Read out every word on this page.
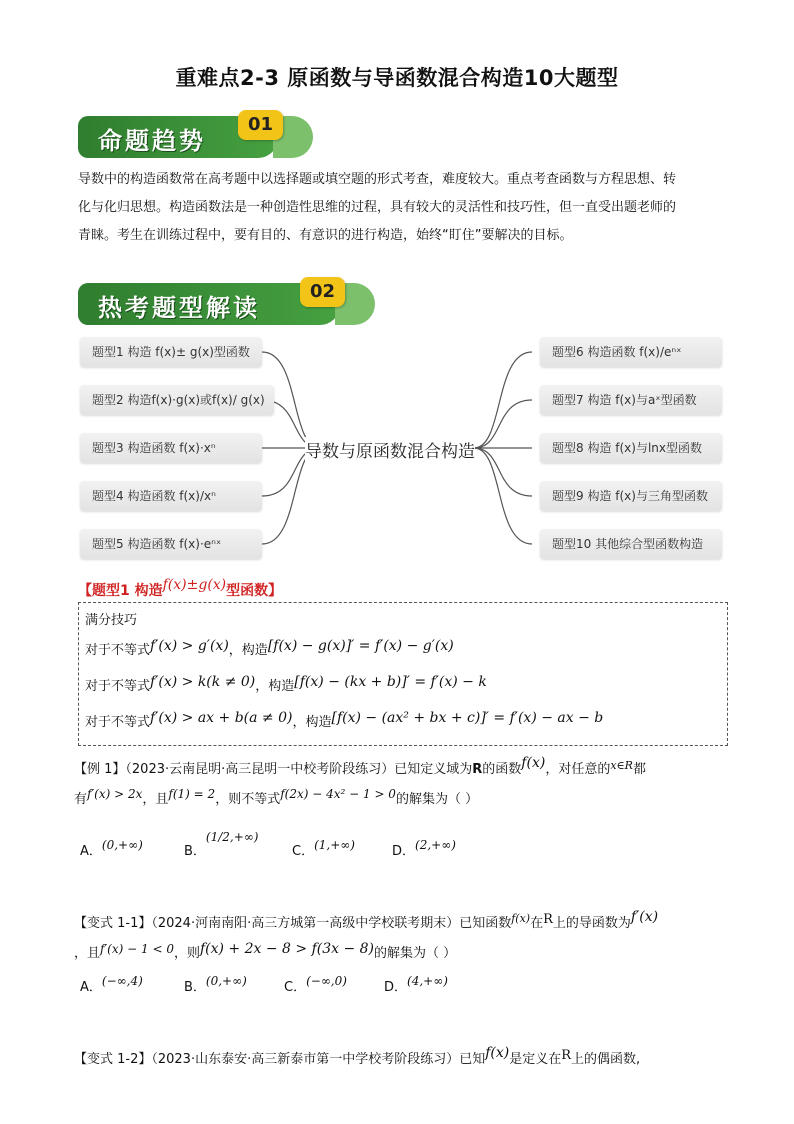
重难点2-3 原函数与导函数混合构造10大题型
命题趋势
01
导数中的构造函数常在高考题中以选择题或填空题的形式考查，难度较大。重点考查函数与方程思想、转
化与化归思想。构造函数法是一种创造性思维的过程，具有较大的灵活性和技巧性，但一直受出题老师的
青睐。考生在训练过程中，要有目的、有意识的进行构造，始终“盯住”要解决的目标。
热考题型解读
02
题型1 构造 f(x)± g(x)型函数
题型2 构造f(x)·g(x)或f(x)/ g(x)
题型3 构造函数 f(x)·xⁿ
题型4 构造函数 f(x)/xⁿ
题型5 构造函数 f(x)·eⁿˣ
导数与原函数混合构造
题型6 构造函数 f(x)/eⁿˣ
题型7 构造 f(x)与aˣ型函数
题型8 构造 f(x)与lnx型函数
题型9 构造 f(x)与三角型函数
题型10 其他综合型函数构造
【题型1 构造f(x)±g(x)型函数】
满分技巧
对于不等式f′(x) > g′(x)，构造[f(x) − g(x)]′ = f′(x) − g′(x)
对于不等式f′(x) > k(k ≠ 0)，构造[f(x) − (kx + b)]′ = f′(x) − k
对于不等式f′(x) > ax + b(a ≠ 0)，构造[f(x) − (ax² + bx + c)]′ = f′(x) − ax − b
【例 1】（2023·云南昆明·高三昆明一中校考阶段练习）已知定义域为R的函数f(x)，对任意的$^{x\in R}$都
有f′(x) > 2x，且f(1) = 2，则不等式f(2x) − 4x² − 1 > 0的解集为（ ）
A．(0,+∞)	B．(1/2,+∞)
C．(1,+∞)	D．(2,+∞)
【变式 1-1】（2024·河南南阳·高三方城第一高级中学校联考期末）已知函数$^{f(x)}$在R上的导函数为f′(x)
，且f′(x) − 1 < 0，则f(x) + 2x − 8 > f(3x − 8)的解集为（ ）
A．(−∞,4)	B．(0,+∞)	C．(−∞,0)	D．(4,+∞)
【变式 1-2】（2023·山东泰安·高三新泰市第一中学校考阶段练习）已知f(x)是定义在R上的偶函数,
